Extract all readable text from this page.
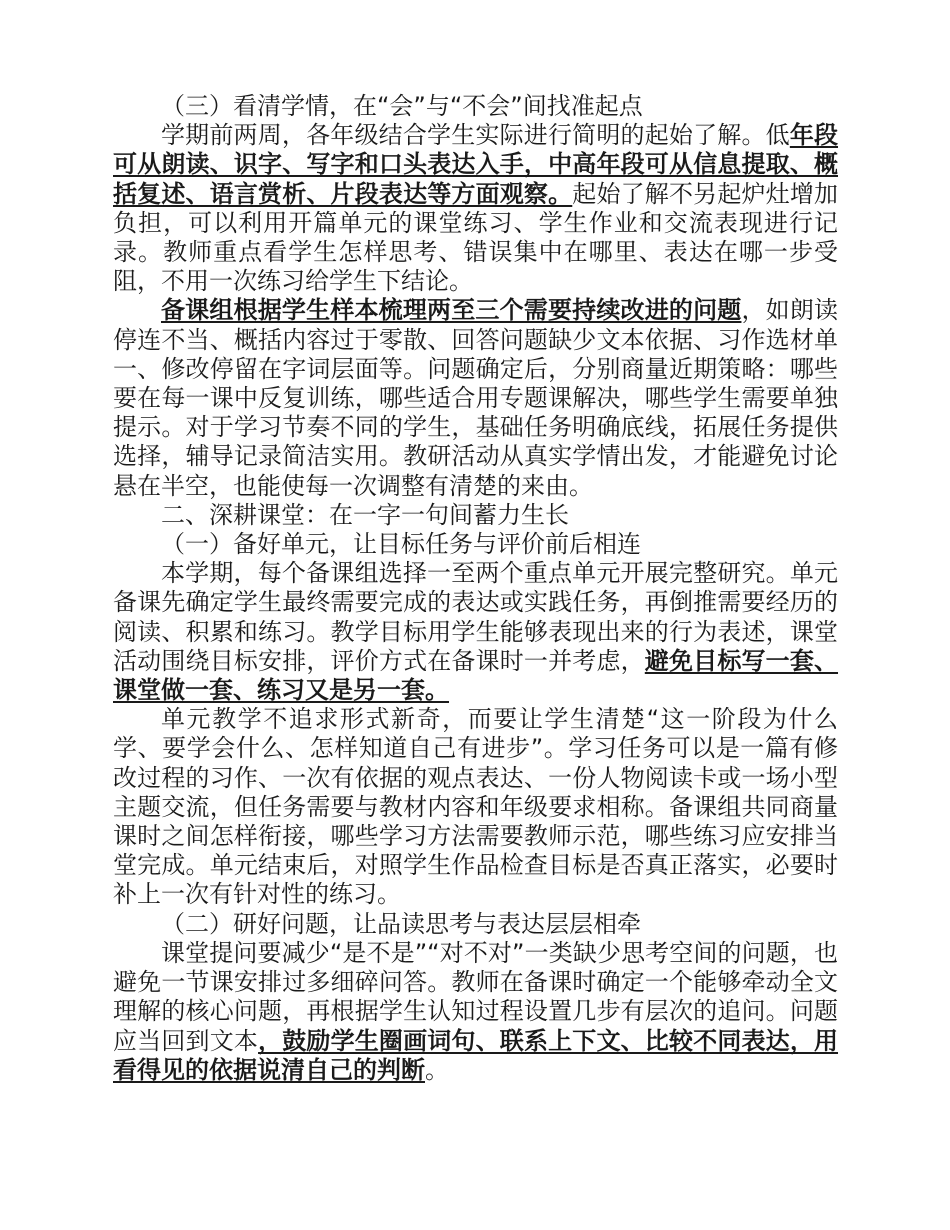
（三）看清学情，在“会”与“不会”间找准起点

学期前两周，各年级结合学生实际进行简明的起始了解。低年段可从朗读、识字、写字和口头表达入手，中高年段可从信息提取、概括复述、语言赏析、片段表达等方面观察。起始了解不另起炉灶增加负担，可以利用开篇单元的课堂练习、学生作业和交流表现进行记录。教师重点看学生怎样思考、错误集中在哪里、表达在哪一步受阻，不用一次练习给学生下结论。

备课组根据学生样本梳理两至三个需要持续改进的问题，如朗读停连不当、概括内容过于零散、回答问题缺少文本依据、习作选材单一、修改停留在字词层面等。问题确定后，分别商量近期策略：哪些要在每一课中反复训练，哪些适合用专题课解决，哪些学生需要单独提示。对于学习节奏不同的学生，基础任务明确底线，拓展任务提供选择，辅导记录简洁实用。教研活动从真实学情出发，才能避免讨论悬在半空，也能使每一次调整有清楚的来由。

二、深耕课堂：在一字一句间蓄力生长

（一）备好单元，让目标任务与评价前后相连

本学期，每个备课组选择一至两个重点单元开展完整研究。单元备课先确定学生最终需要完成的表达或实践任务，再倒推需要经历的阅读、积累和练习。教学目标用学生能够表现出来的行为表述，课堂活动围绕目标安排，评价方式在备课时一并考虑，避免目标写一套、课堂做一套、练习又是另一套。

单元教学不追求形式新奇，而要让学生清楚“这一阶段为什么学、要学会什么、怎样知道自己有进步”。学习任务可以是一篇有修改过程的习作、一次有依据的观点表达、一份人物阅读卡或一场小型主题交流，但任务需要与教材内容和年级要求相称。备课组共同商量课时之间怎样衔接，哪些学习方法需要教师示范，哪些练习应安排当堂完成。单元结束后，对照学生作品检查目标是否真正落实，必要时补上一次有针对性的练习。

（二）研好问题，让品读思考与表达层层相牵

课堂提问要减少“是不是”“对不对”一类缺少思考空间的问题，也避免一节课安排过多细碎问答。教师在备课时确定一个能够牵动全文理解的核心问题，再根据学生认知过程设置几步有层次的追问。问题应当回到文本，鼓励学生圈画词句、联系上下文、比较不同表达，用看得见的依据说清自己的判断。
